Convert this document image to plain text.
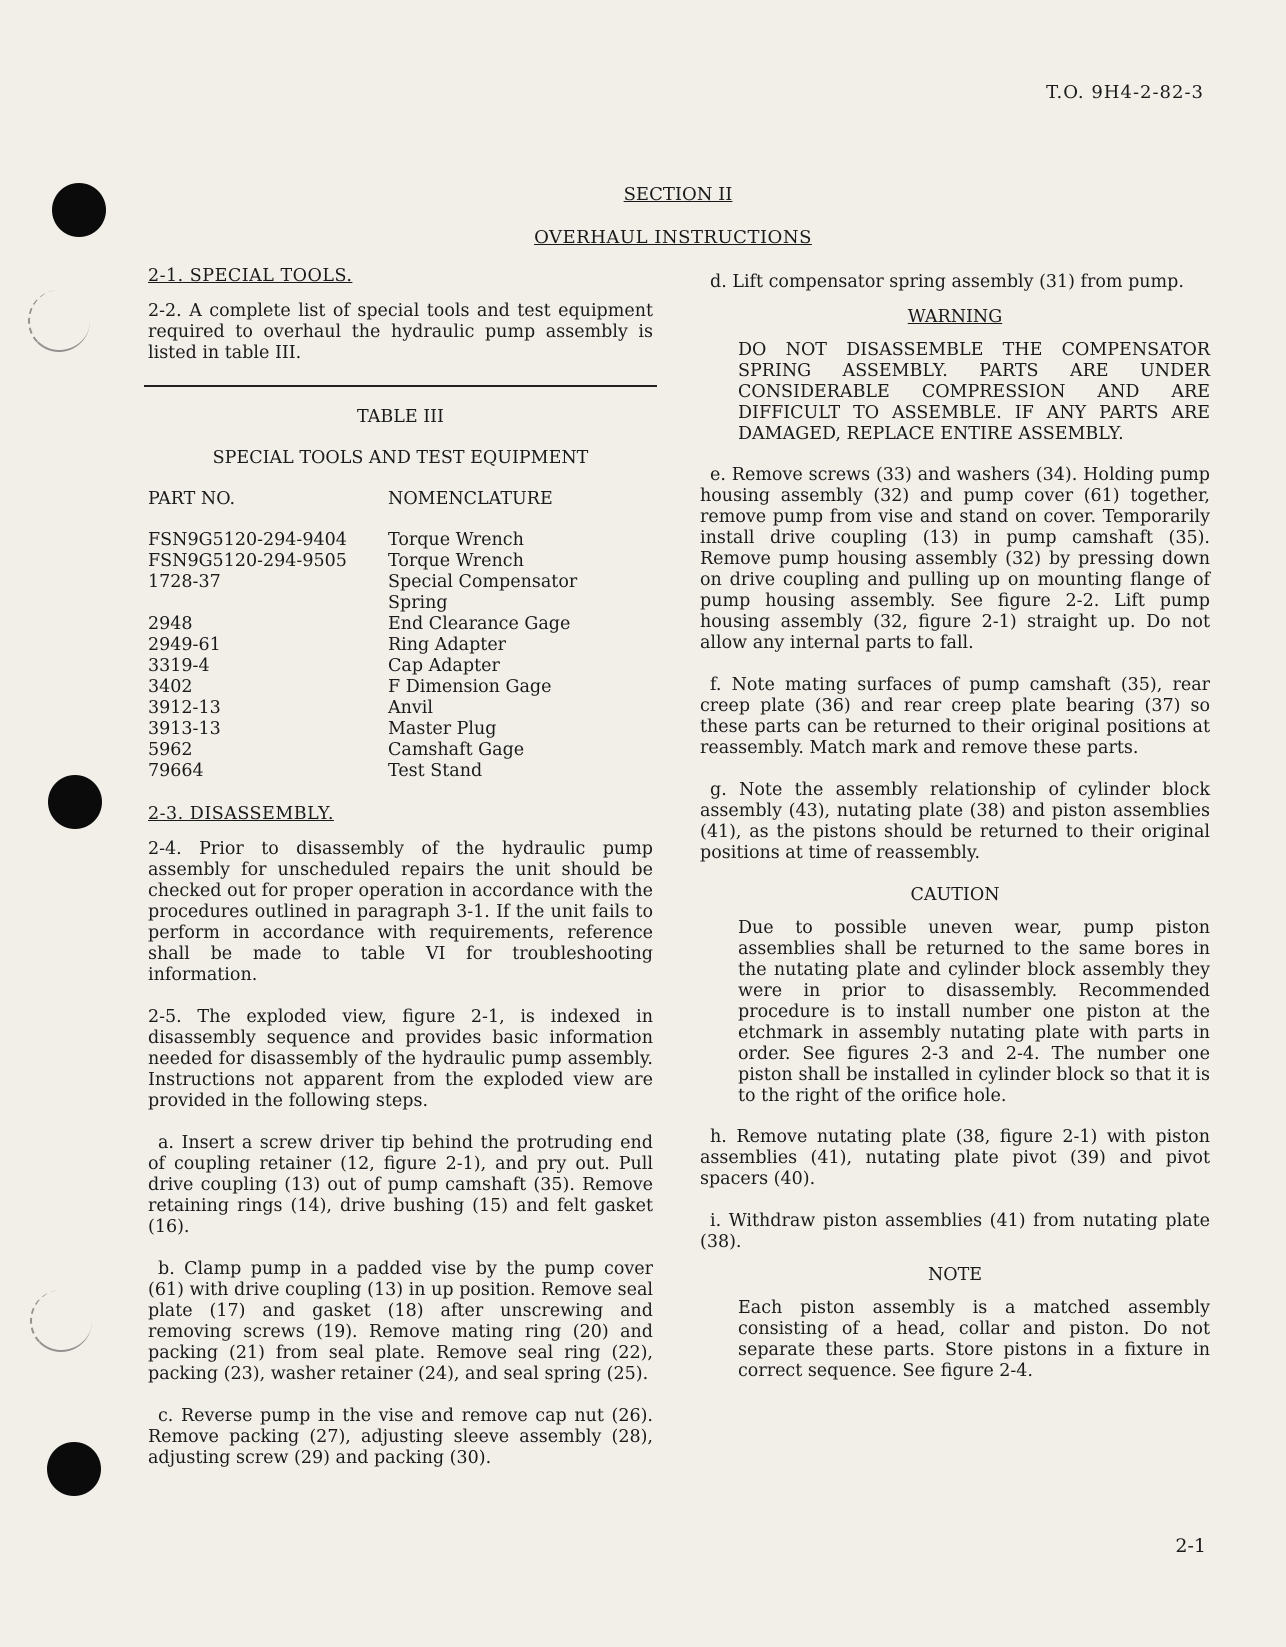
T.O. 9H4-2-82-3
SECTION II
OVERHAUL INSTRUCTIONS
2-1. SPECIAL TOOLS.

2-2. A complete list of special tools and test equipment required to overhaul the hydraulic pump assembly is listed in table III.

TABLE III
SPECIAL TOOLS AND TEST EQUIPMENT
PART NO.	NOMENCLATURE
FSN9G5120-294-9404	Torque Wrench
FSN9G5120-294-9505	Torque Wrench
1728-37	Special Compensator Spring
2948	End Clearance Gage
2949-61	Ring Adapter
3319-4	Cap Adapter
3402	F Dimension Gage
3912-13	Anvil
3913-13	Master Plug
5962	Camshaft Gage
79664	Test Stand
2-3. DISASSEMBLY.

2-4. Prior to disassembly of the hydraulic pump assembly for unscheduled repairs the unit should be checked out for proper operation in accordance with the procedures outlined in paragraph 3-1. If the unit fails to perform in accordance with requirements, reference shall be made to table VI for troubleshooting information.

2-5. The exploded view, figure 2-1, is indexed in disassembly sequence and provides basic information needed for disassembly of the hydraulic pump assembly. Instructions not apparent from the exploded view are provided in the following steps.

a. Insert a screw driver tip behind the protruding end of coupling retainer (12, figure 2-1), and pry out. Pull drive coupling (13) out of pump camshaft (35). Remove retaining rings (14), drive bushing (15) and felt gasket (16).

b. Clamp pump in a padded vise by the pump cover (61) with drive coupling (13) in up position. Remove seal plate (17) and gasket (18) after unscrewing and removing screws (19). Remove mating ring (20) and packing (21) from seal plate. Remove seal ring (22), packing (23), washer retainer (24), and seal spring (25).

c. Reverse pump in the vise and remove cap nut (26). Remove packing (27), adjusting sleeve assembly (28), adjusting screw (29) and packing (30).

d. Lift compensator spring assembly (31) from pump.

WARNING

DO NOT DISASSEMBLE THE COMPENSATOR SPRING ASSEMBLY. PARTS ARE UNDER CONSIDERABLE COMPRESSION AND ARE DIFFICULT TO ASSEMBLE. IF ANY PARTS ARE DAMAGED, REPLACE ENTIRE ASSEMBLY.

e. Remove screws (33) and washers (34). Holding pump housing assembly (32) and pump cover (61) together, remove pump from vise and stand on cover. Temporarily install drive coupling (13) in pump camshaft (35). Remove pump housing assembly (32) by pressing down on drive coupling and pulling up on mounting flange of pump housing assembly. See figure 2-2. Lift pump housing assembly (32, figure 2-1) straight up. Do not allow any internal parts to fall.

f. Note mating surfaces of pump camshaft (35), rear creep plate (36) and rear creep plate bearing (37) so these parts can be returned to their original positions at reassembly. Match mark and remove these parts.

g. Note the assembly relationship of cylinder block assembly (43), nutating plate (38) and piston assemblies (41), as the pistons should be returned to their original positions at time of reassembly.

CAUTION

Due to possible uneven wear, pump piston assemblies shall be returned to the same bores in the nutating plate and cylinder block assembly they were in prior to disassembly. Recommended procedure is to install number one piston at the etchmark in assembly nutating plate with parts in order. See figures 2-3 and 2-4. The number one piston shall be installed in cylinder block so that it is to the right of the orifice hole.

h. Remove nutating plate (38, figure 2-1) with piston assemblies (41), nutating plate pivot (39) and pivot spacers (40).

i. Withdraw piston assemblies (41) from nutating plate (38).

NOTE

Each piston assembly is a matched assembly consisting of a head, collar and piston. Do not separate these parts. Store pistons in a fixture in correct sequence. See figure 2-4.

2-1
